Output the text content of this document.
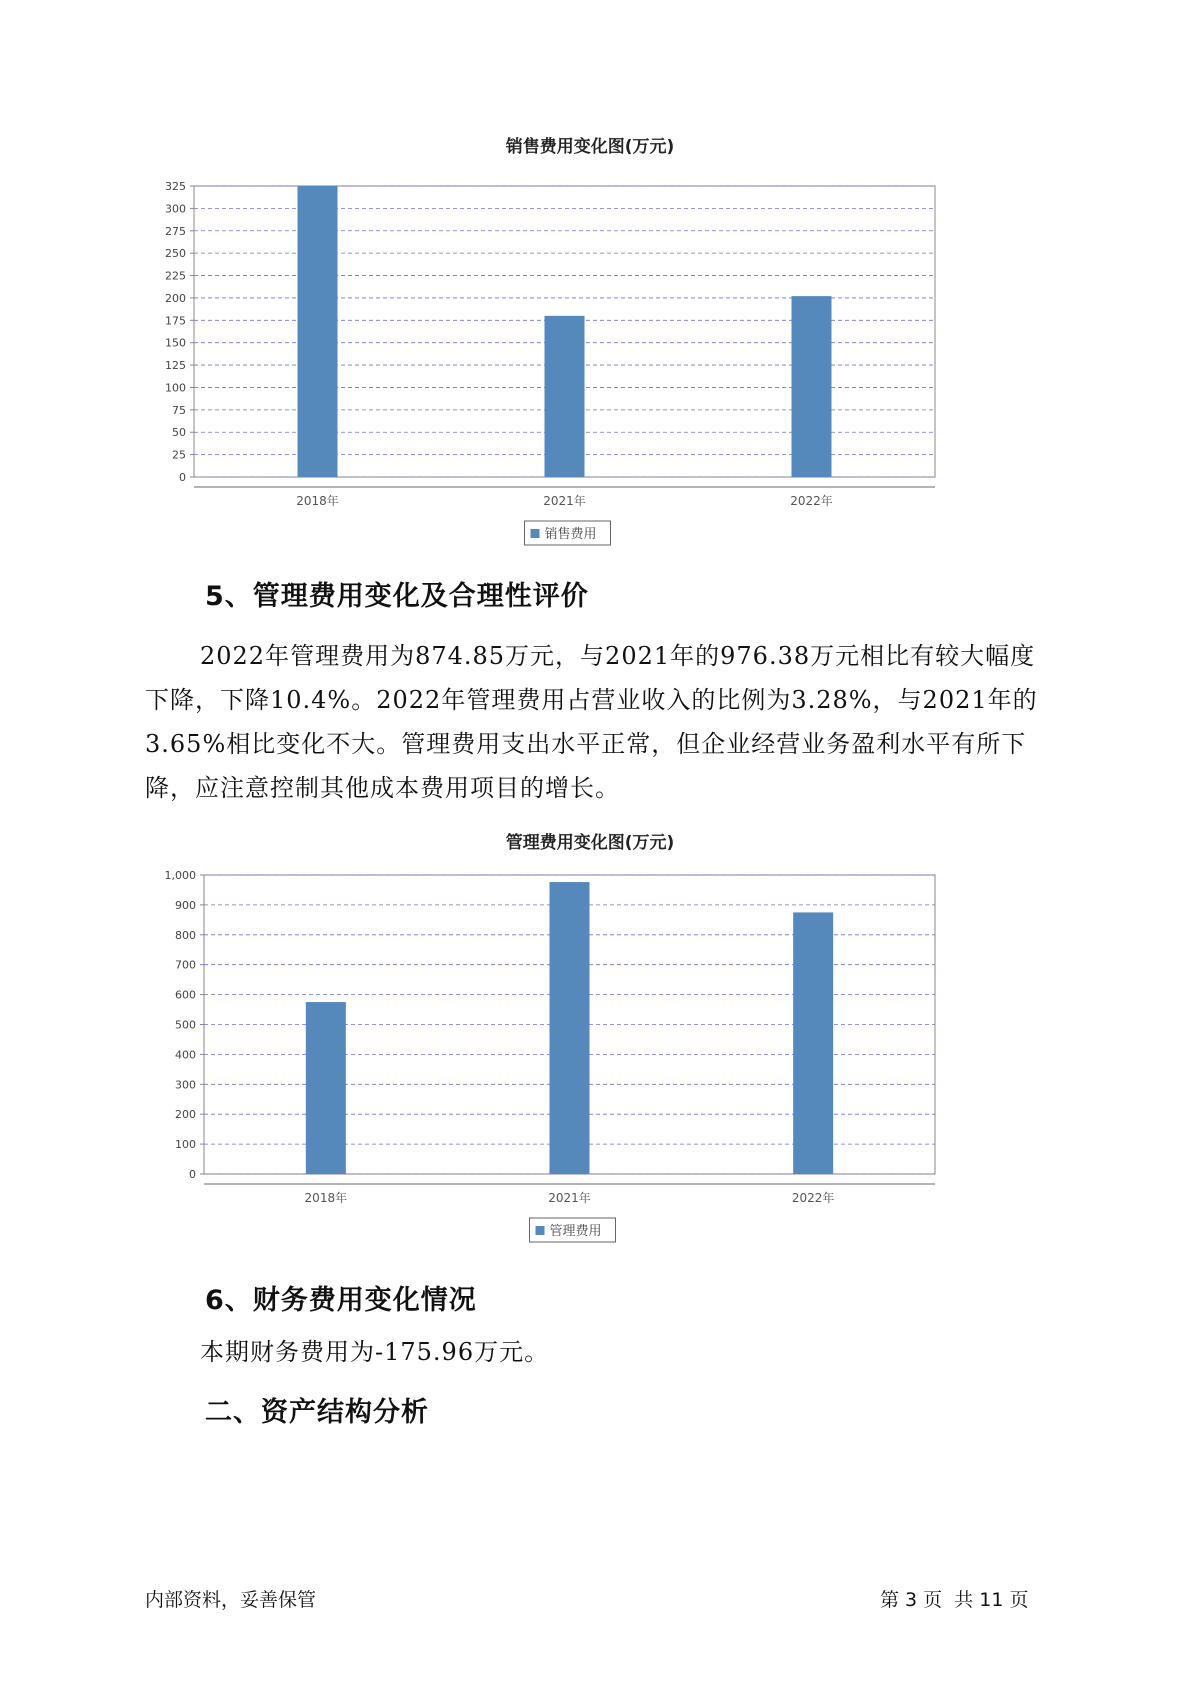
销售费用变化图(万元)
0
25
50
75
100
125
150
175
200
225
250
275
300
325
2018年	2021年	2022年
销售费用
5、管理费用变化及合理性评价

2022年管理费用为874.85万元，与2021年的976.38万元相比有较大幅度下降，下降10.4%。2022年管理费用占营业收入的比例为3.28%，与2021年的3.65%相比变化不大。管理费用支出水平正常，但企业经营业务盈利水平有所下降，应注意控制其他成本费用项目的增长。

管理费用变化图(万元)
0
100
200
300
400
500
600
700
800
900
1,000
2018年	2021年	2022年
管理费用
6、财务费用变化情况

本期财务费用为-175.96万元。

二、资产结构分析
内部资料，妥善保管	第 3 页  共 11 页
